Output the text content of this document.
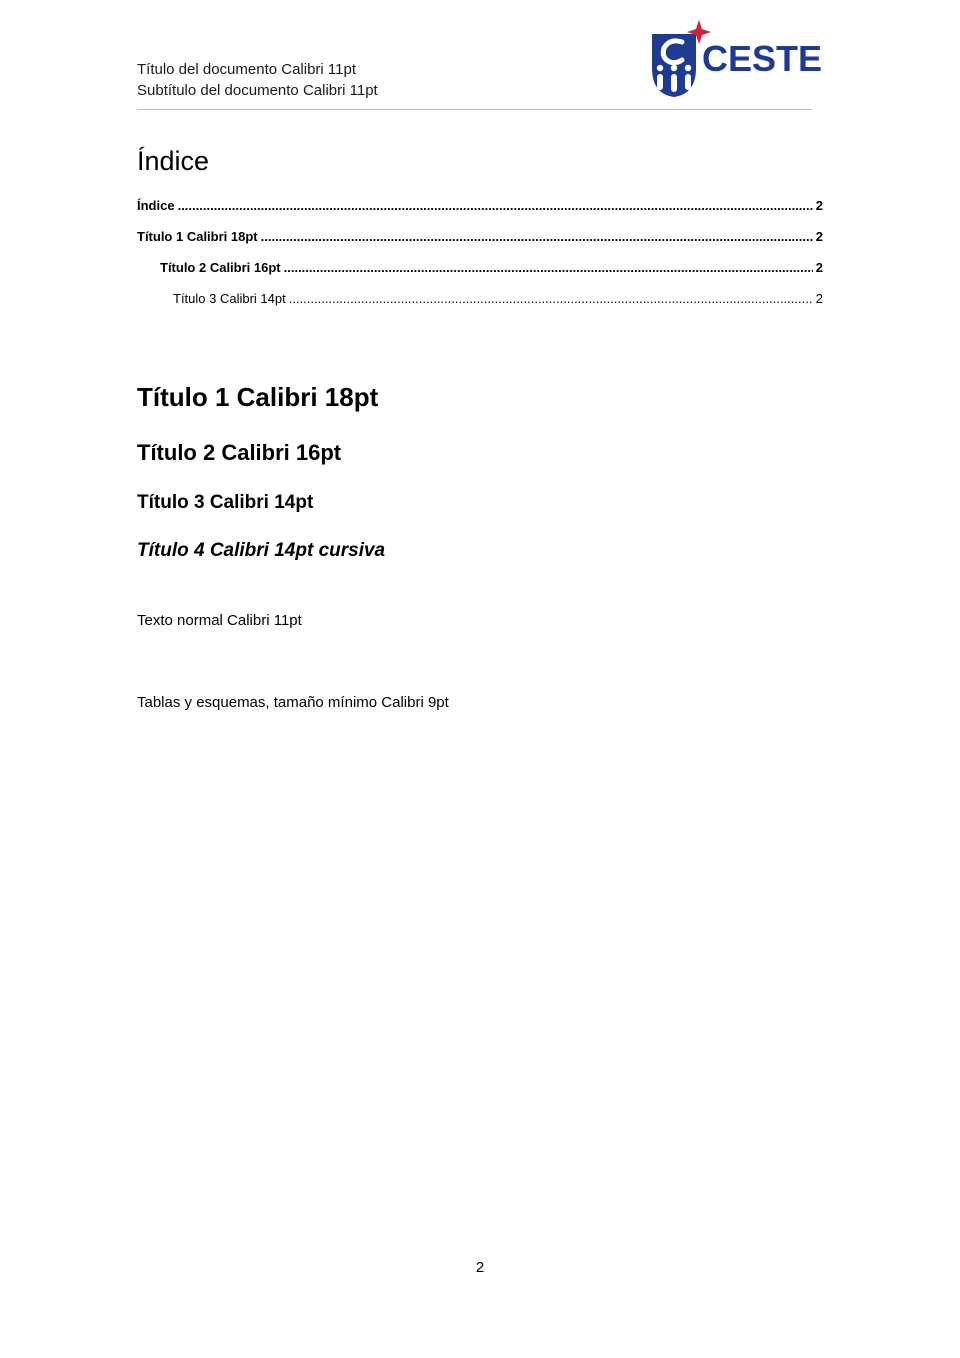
Título del documento Calibri 11pt
Subtítulo del documento Calibri 11pt
CESTE
Índice
Índice .....	2
Título 1 Calibri 18pt .....	2
Título 2 Calibri 16pt .....	2
Título 3 Calibri 14pt .....	2
Título 1 Calibri 18pt
Título 2 Calibri 16pt
Título 3 Calibri 14pt
Título 4 Calibri 14pt cursiva
Texto normal Calibri 11pt
Tablas y esquemas, tamaño mínimo Calibri 9pt
2
